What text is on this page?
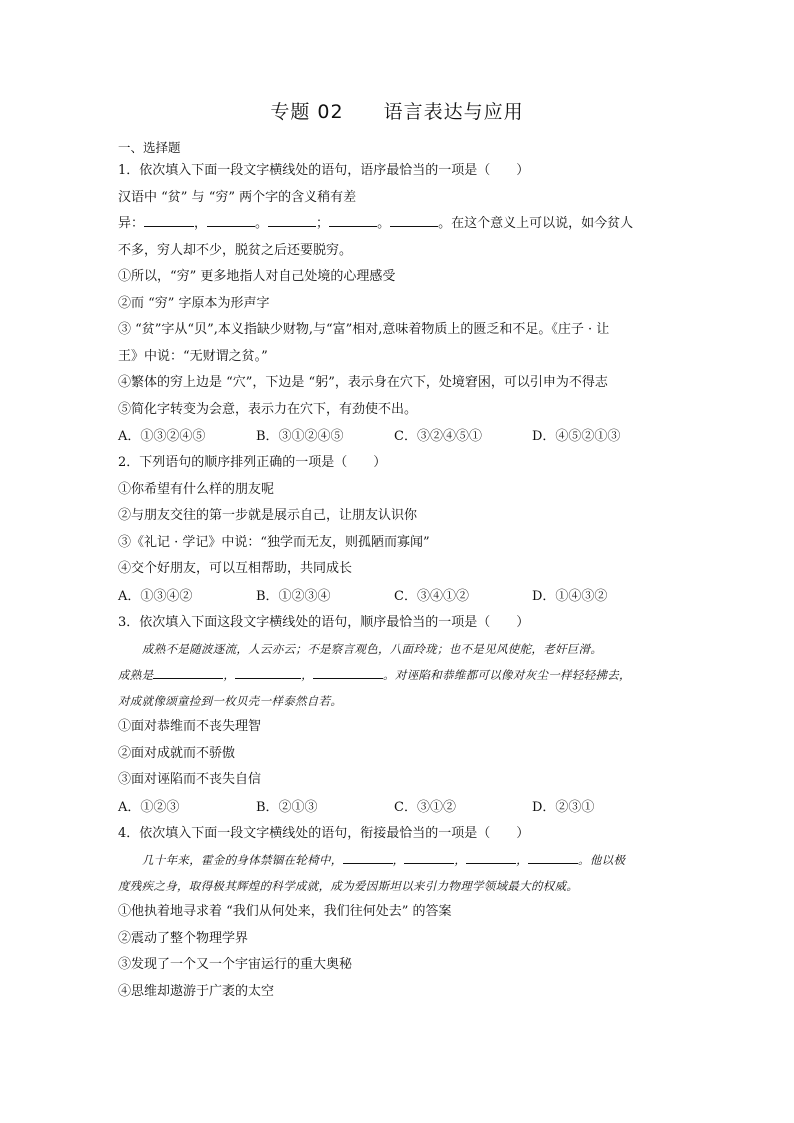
专题 02 语言表达与应用
一、选择题
1．依次填入下面一段文字横线处的语句，语序最恰当的一项是（　　）
汉语中 “贫” 与 “穷” 两个字的含义稍有差
异：	，	。	；	。	。在这个意义上可以说，如今贫人
不多，穷人却不少，脱贫之后还要脱穷。
①所以，“穷” 更多地指人对自己处境的心理感受
②而 “穷” 字原本为形声字
③ “贫”字从“贝”,本义指缺少财物,与“富”相对,意味着物质上的匮乏和不足。《庄子 · 让
王》中说：“无财谓之贫。”
④繁体的穷上边是 “穴”，下边是 “躬”，表示身在穴下，处境窘困，可以引申为不得志
⑤简化字转变为会意，表示力在穴下，有劲使不出。
A．①③②④⑤	B．③①②④⑤	C．③②④⑤①	D．④⑤②①③
2．下列语句的顺序排列正确的一项是（　　）
①你希望有什么样的朋友呢
②与朋友交往的第一步就是展示自己，让朋友认识你
③《礼记 · 学记》中说：“独学而无友，则孤陋而寡闻”
④交个好朋友，可以互相帮助，共同成长
A．①③④②	B．①②③④	C．③④①②	D．①④③②
3．依次填入下面这段文字横线处的语句，顺序最恰当的一项是（　　）
成熟不是随波逐流，人云亦云；不是察言观色，八面玲珑；也不是见风使舵，老奸巨滑。
成熟是	，	，	。对诬陷和恭维都可以像对灰尘一样轻轻拂去，
对成就像颂童捡到一枚贝壳一样泰然自若。
①面对恭维而不丧失理智
②面对成就而不骄傲
③面对诬陷而不丧失自信
A．①②③	B．②①③	C．③①②	D．②③①
4．依次填入下面一段文字横线处的语句，衔接最恰当的一项是（　　）
几十年来，霍金的身体禁锢在轮椅中，	，	，	，	。他以极
度残疾之身，取得极其辉煌的科学成就，成为爱因斯坦以来引力物理学领域最大的权威。
①他执着地寻求着 “我们从何处来，我们往何处去” 的答案
②震动了整个物理学界
③发现了一个又一个宇宙运行的重大奥秘
④思维却遨游于广袤的太空
